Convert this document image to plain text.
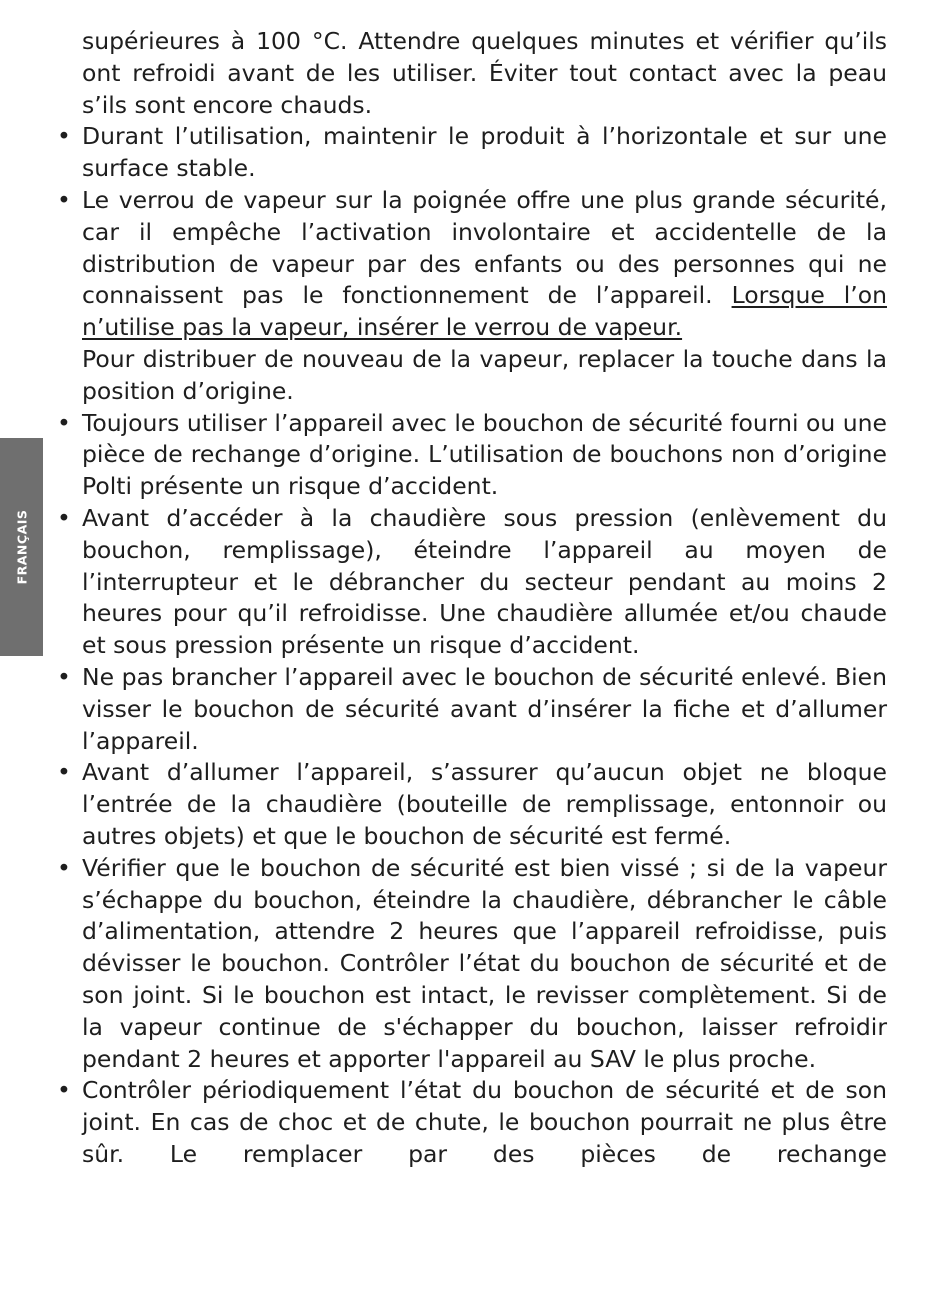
FRANÇAIS

supérieures à 100 °C. Attendre quelques minutes et vérifier qu’ils ont refroidi avant de les utiliser. Éviter tout contact avec la peau s’ils sont encore chauds.

• Durant l’utilisation, maintenir le produit à l’horizontale et sur une surface stable.

• Le verrou de vapeur sur la poignée offre une plus grande sécurité, car il empêche l’activation involontaire et accidentelle de la distribution de vapeur par des enfants ou des personnes qui ne connaissent pas le fonctionnement de l’appareil. Lorsque l’on n’utilise pas la vapeur, insérer le verrou de vapeur.

Pour distribuer de nouveau de la vapeur, replacer la touche dans la position d’origine.

• Toujours utiliser l’appareil avec le bouchon de sécurité fourni ou une pièce de rechange d’origine. L’utilisation de bouchons non d’origine Polti présente un risque d’accident.

• Avant d’accéder à la chaudière sous pression (enlèvement du bouchon, remplissage), éteindre l’appareil au moyen de l’interrupteur et le débrancher du secteur pendant au moins 2 heures pour qu’il refroidisse. Une chaudière allumée et/ou chaude et sous pression présente un risque d’accident.

• Ne pas brancher l’appareil avec le bouchon de sécurité enlevé. Bien visser le bouchon de sécurité avant d’insérer la fiche et d’allumer l’appareil.

• Avant d’allumer l’appareil, s’assurer qu’aucun objet ne bloque l’entrée de la chaudière (bouteille de remplissage, entonnoir ou autres objets) et que le bouchon de sécurité est fermé.

• Vérifier que le bouchon de sécurité est bien vissé ; si de la vapeur s’échappe du bouchon, éteindre la chaudière, débrancher le câble d’alimentation, attendre 2 heures que l’appareil refroidisse, puis dévisser le bouchon. Contrôler l’état du bouchon de sécurité et de son joint. Si le bouchon est intact, le revisser complètement. Si de la vapeur continue de s'échapper du bouchon, laisser refroidir pendant 2 heures et apporter l'appareil au SAV le plus proche.

• Contrôler périodiquement l’état du bouchon de sécurité et de son joint. En cas de choc et de chute, le bouchon pourrait ne plus être sûr. Le remplacer par des pièces de rechange
